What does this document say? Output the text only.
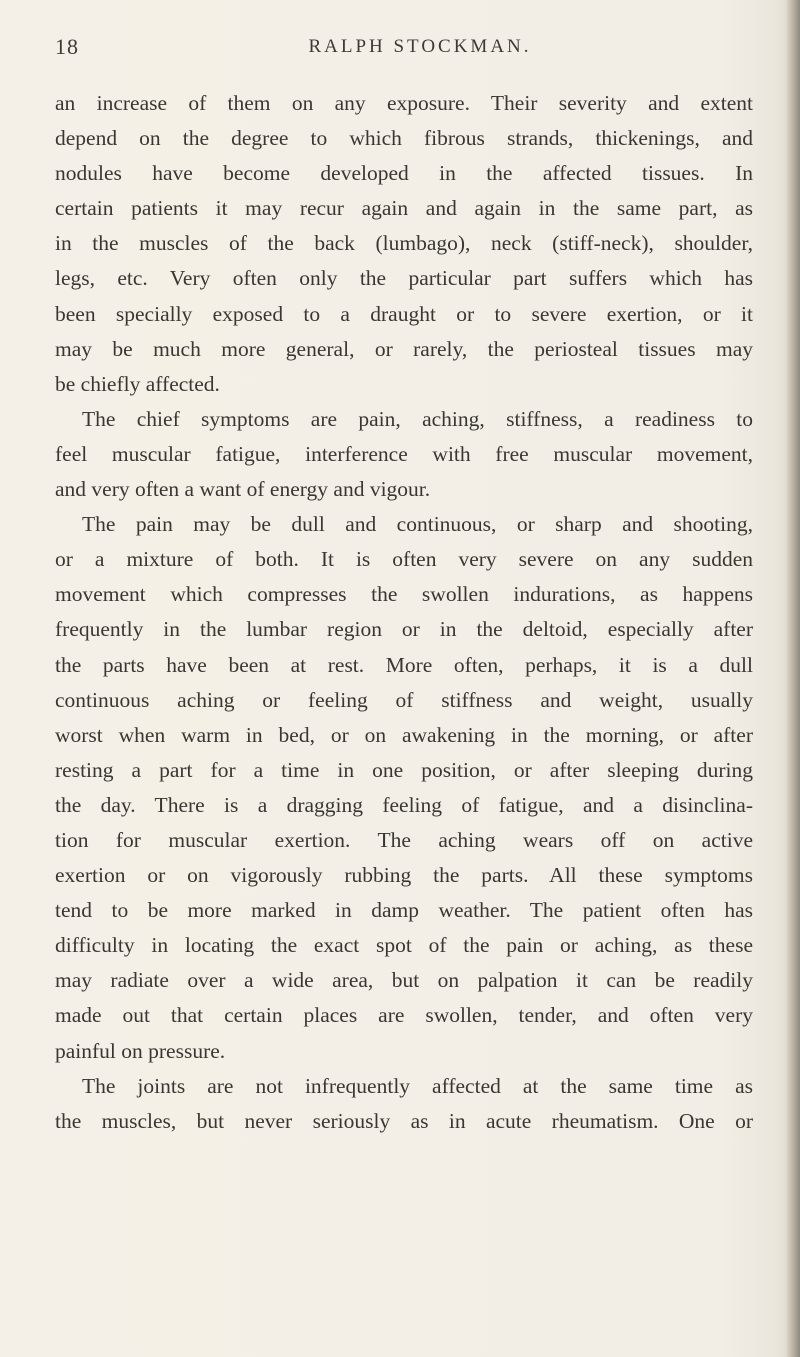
18	RALPH STOCKMAN.
an increase of them on any exposure. Their severity and extent
depend on the degree to which fibrous strands, thickenings, and
nodules have become developed in the affected tissues. In
certain patients it may recur again and again in the same part, as
in the muscles of the back (lumbago), neck (stiff-neck), shoulder,
legs, etc. Very often only the particular part suffers which has
been specially exposed to a draught or to severe exertion, or it
may be much more general, or rarely, the periosteal tissues may
be chiefly affected.
The chief symptoms are pain, aching, stiffness, a readiness to
feel muscular fatigue, interference with free muscular movement,
and very often a want of energy and vigour.
The pain may be dull and continuous, or sharp and shooting,
or a mixture of both. It is often very severe on any sudden
movement which compresses the swollen indurations, as happens
frequently in the lumbar region or in the deltoid, especially after
the parts have been at rest. More often, perhaps, it is a dull
continuous aching or feeling of stiffness and weight, usually
worst when warm in bed, or on awakening in the morning, or after
resting a part for a time in one position, or after sleeping during
the day. There is a dragging feeling of fatigue, and a disinclina-
tion for muscular exertion. The aching wears off on active
exertion or on vigorously rubbing the parts. All these symptoms
tend to be more marked in damp weather. The patient often has
difficulty in locating the exact spot of the pain or aching, as these
may radiate over a wide area, but on palpation it can be readily
made out that certain places are swollen, tender, and often very
painful on pressure.
The joints are not infrequently affected at the same time as
the muscles, but never seriously as in acute rheumatism. One or
